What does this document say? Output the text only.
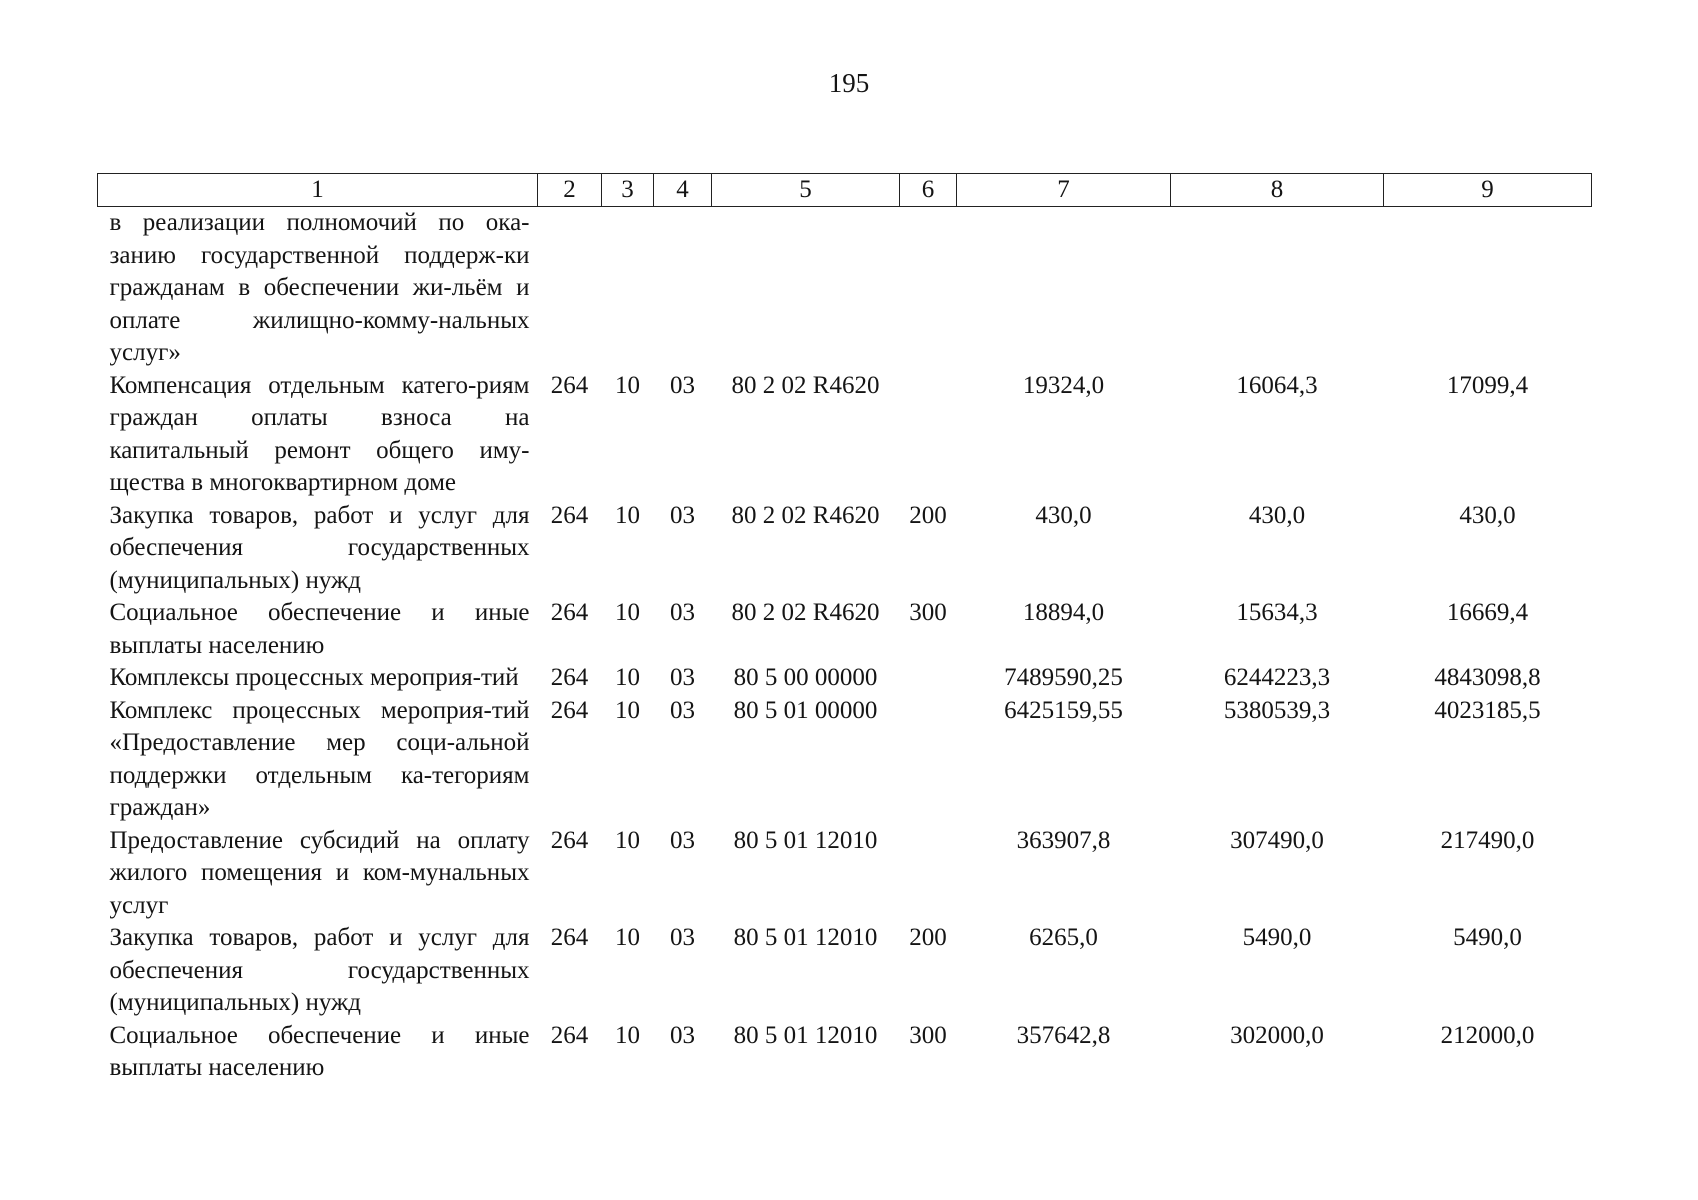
195
1	2	3	4	5	6	7	8	9
в реализации полномочий по ока-занию государственной поддерж-ки гражданам в обеспечении жи-льём и оплате жилищно-комму-нальных услуг»								
Компенсация отдельным катего-риям граждан оплаты взноса на капитальный ремонт общего иму-щества в многоквартирном доме	264	10	03	80 2 02 R4620		19324,0	16064,3	17099,4
Закупка товаров, работ и услуг для обеспечения государственных (муниципальных) нужд	264	10	03	80 2 02 R4620	200	430,0	430,0	430,0
Социальное обеспечение и иные выплаты населению	264	10	03	80 2 02 R4620	300	18894,0	15634,3	16669,4
Комплексы процессных мероприя-тий	264	10	03	80 5 00 00000		7489590,25	6244223,3	4843098,8
Комплекс процессных мероприя-тий «Предоставление мер соци-альной поддержки отдельным ка-тегориям граждан»	264	10	03	80 5 01 00000		6425159,55	5380539,3	4023185,5
Предоставление субсидий на оплату жилого помещения и ком-мунальных услуг	264	10	03	80 5 01 12010		363907,8	307490,0	217490,0
Закупка товаров, работ и услуг для обеспечения государственных (муниципальных) нужд	264	10	03	80 5 01 12010	200	6265,0	5490,0	5490,0
Социальное обеспечение и иные выплаты населению	264	10	03	80 5 01 12010	300	357642,8	302000,0	212000,0
